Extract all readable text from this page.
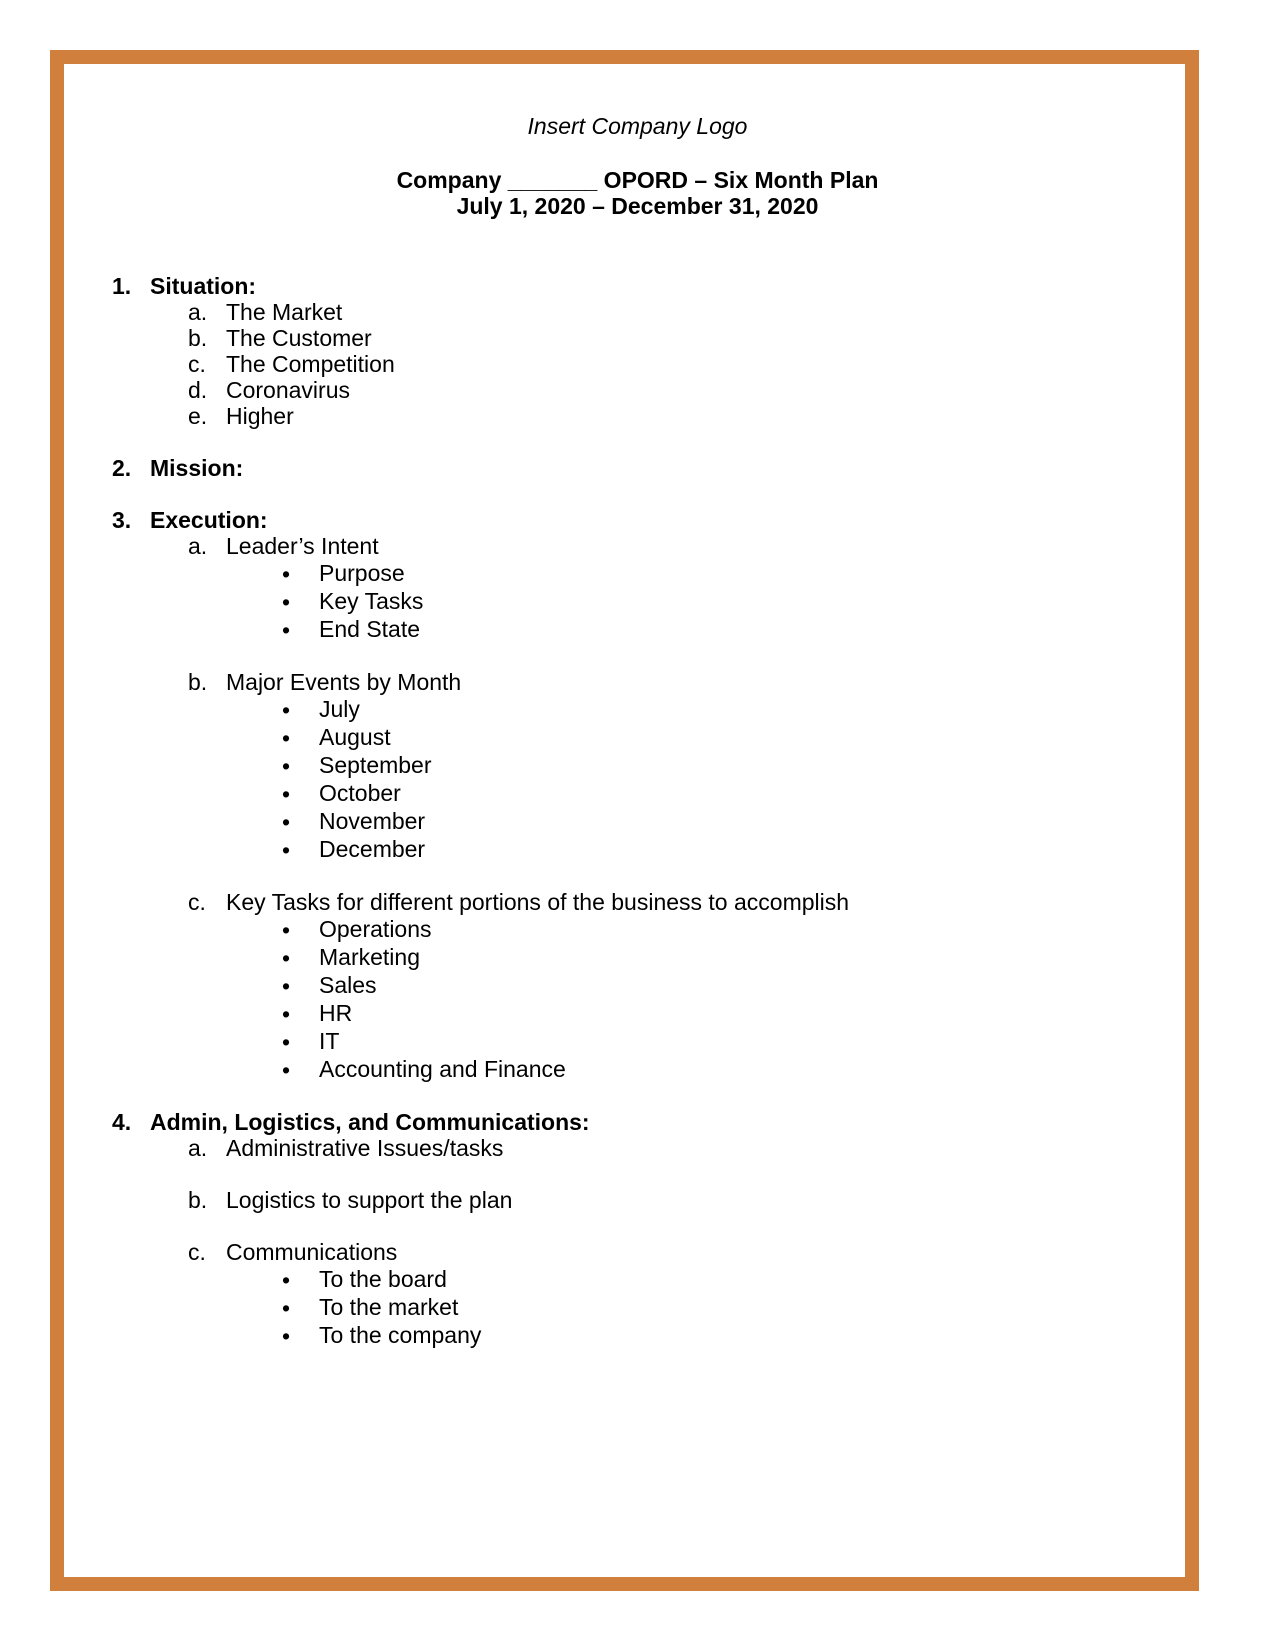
Insert Company Logo
Company _______ OPORD – Six Month Plan
July 1, 2020 – December 31, 2020
1. Situation:
a. The Market
b. The Customer
c. The Competition
d. Coronavirus
e. Higher
2. Mission:
3. Execution:
a. Leader’s Intent
•	Purpose
•	Key Tasks
•	End State
b. Major Events by Month
•	July
•	August
•	September
•	October
•	November
•	December
c. Key Tasks for different portions of the business to accomplish
•	Operations
•	Marketing
•	Sales
•	HR
•	IT
•	Accounting and Finance
4. Admin, Logistics, and Communications:
a. Administrative Issues/tasks
b. Logistics to support the plan
c. Communications
•	To the board
•	To the market
•	To the company
